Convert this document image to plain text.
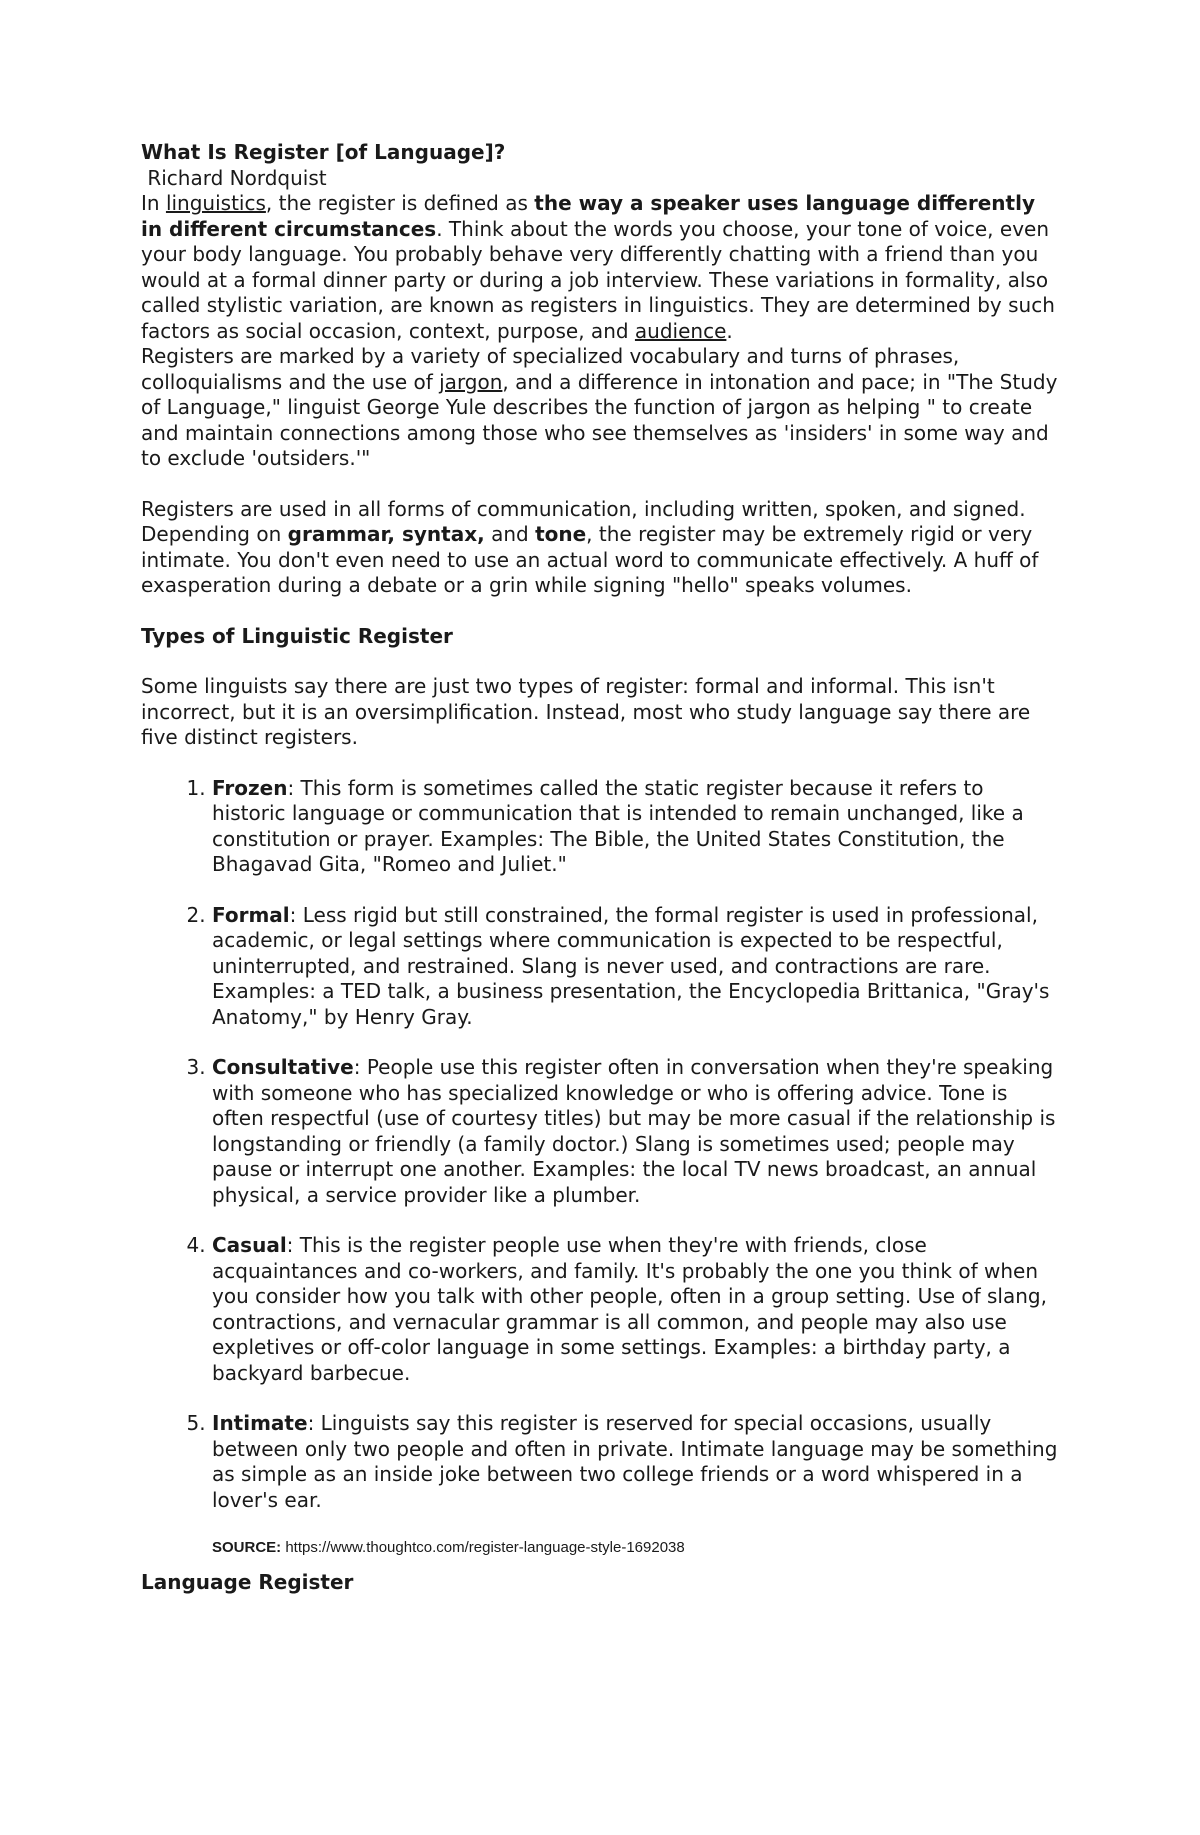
What Is Register [of Language]?

Richard Nordquist

In linguistics, the register is defined as the way a speaker uses language differently in different circumstances. Think about the words you choose, your tone of voice, even your body language. You probably behave very differently chatting with a friend than you would at a formal dinner party or during a job interview. These variations in formality, also called stylistic variation, are known as registers in linguistics. They are determined by such factors as social occasion, context, purpose, and audience.

Registers are marked by a variety of specialized vocabulary and turns of phrases, colloquialisms and the use of jargon, and a difference in intonation and pace; in "The Study of Language," linguist George Yule describes the function of jargon as helping " to create and maintain connections among those who see themselves as 'insiders' in some way and to exclude 'outsiders.'"

Registers are used in all forms of communication, including written, spoken, and signed. Depending on grammar, syntax, and tone, the register may be extremely rigid or very intimate. You don't even need to use an actual word to communicate effectively. A huff of exasperation during a debate or a grin while signing "hello" speaks volumes.

Types of Linguistic Register

Some linguists say there are just two types of register: formal and informal. This isn't incorrect, but it is an oversimplification. Instead, most who study language say there are five distinct registers.

1. Frozen: This form is sometimes called the static register because it refers to historic language or communication that is intended to remain unchanged, like a constitution or prayer. Examples: The Bible, the United States Constitution, the Bhagavad Gita, "Romeo and Juliet."
2. Formal: Less rigid but still constrained, the formal register is used in professional, academic, or legal settings where communication is expected to be respectful, uninterrupted, and restrained. Slang is never used, and contractions are rare. Examples: a TED talk, a business presentation, the Encyclopedia Brittanica, "Gray's Anatomy," by Henry Gray.
3. Consultative: People use this register often in conversation when they're speaking with someone who has specialized knowledge or who is offering advice. Tone is often respectful (use of courtesy titles) but may be more casual if the relationship is longstanding or friendly (a family doctor.) Slang is sometimes used; people may pause or interrupt one another. Examples: the local TV news broadcast, an annual physical, a service provider like a plumber.
4. Casual: This is the register people use when they're with friends, close acquaintances and co-workers, and family. It's probably the one you think of when you consider how you talk with other people, often in a group setting. Use of slang, contractions, and vernacular grammar is all common, and people may also use expletives or off-color language in some settings. Examples: a birthday party, a backyard barbecue.
5. Intimate: Linguists say this register is reserved for special occasions, usually between only two people and often in private. Intimate language may be something as simple as an inside joke between two college friends or a word whispered in a lover's ear.

SOURCE: https://www.thoughtco.com/register-language-style-1692038

Language Register
